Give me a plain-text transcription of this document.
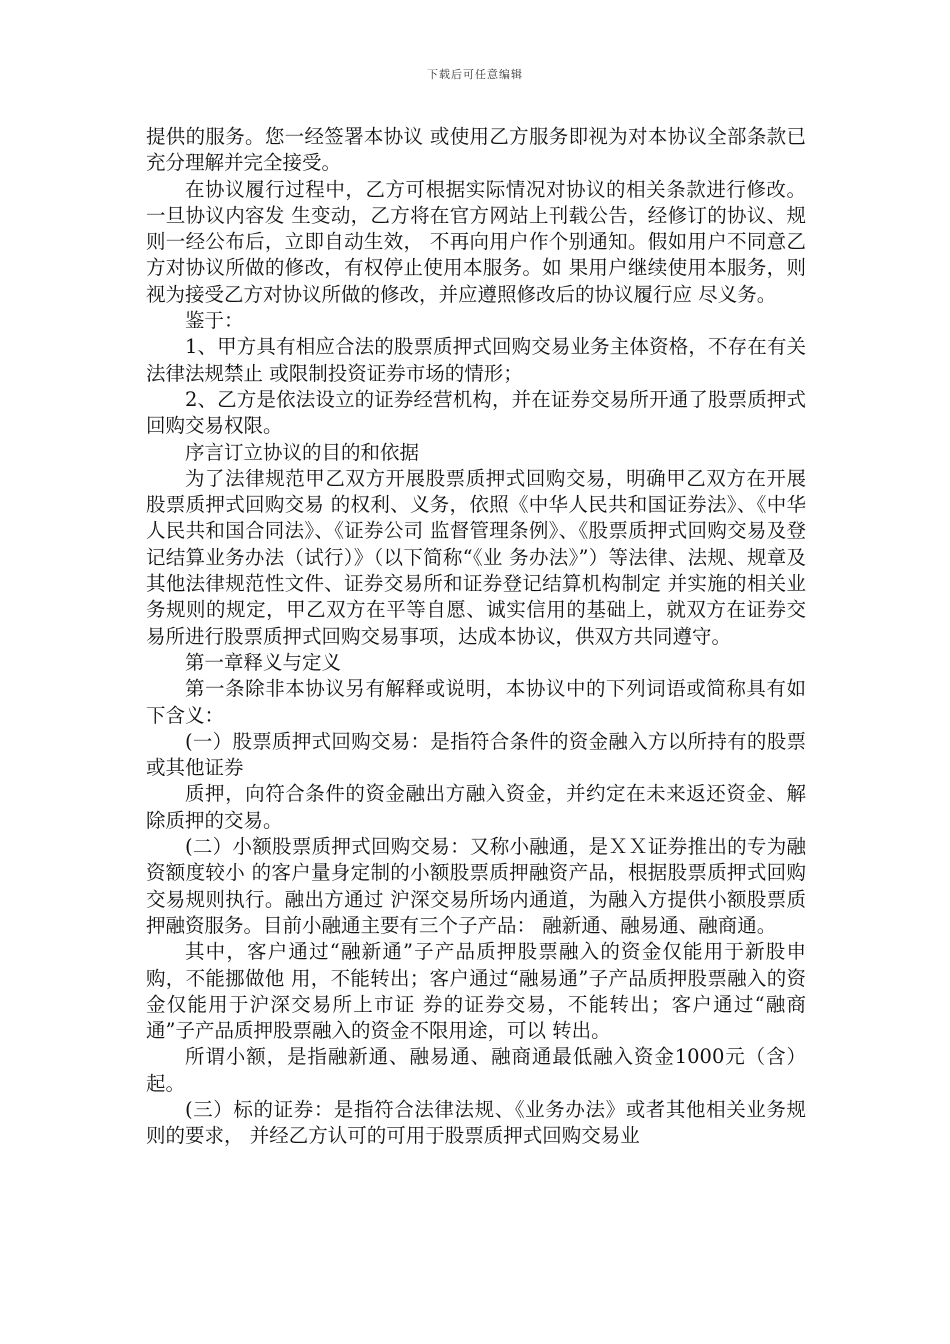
下载后可任意编辑

提供的服务。您一经签署本协议 或使用乙方服务即视为对本协议全部条款已充分理解并完全接受。

在协议履行过程中，乙方可根据实际情况对协议的相关条款进行修改。一旦协议内容发 生变动，乙方将在官方网站上刊载公告，经修订的协议、规则一经公布后，立即自动生效， 不再向用户作个别通知。假如用户不同意乙方对协议所做的修改，有权停止使用本服务。如 果用户继续使用本服务，则视为接受乙方对协议所做的修改，并应遵照修改后的协议履行应 尽义务。

鉴于：

1、甲方具有相应合法的股票质押式回购交易业务主体资格，不存在有关法律法规禁止 或限制投资证券市场的情形；

2、乙方是依法设立的证券经营机构，并在证券交易所开通了股票质押式回购交易权限。

序言订立协议的目的和依据

为了法律规范甲乙双方开展股票质押式回购交易，明确甲乙双方在开展股票质押式回购交易 的权利、义务，依照《中华人民共和国证券法》、《中华人民共和国合同法》、《证券公司 监督管理条例》、《股票质押式回购交易及登记结算业务办法（试行）》（以下简称“《业 务办法》”）等法律、法规、规章及其他法律规范性文件、证券交易所和证券登记结算机构制定 并实施的相关业务规则的规定，甲乙双方在平等自愿、诚实信用的基础上，就双方在证券交 易所进行股票质押式回购交易事项，达成本协议，供双方共同遵守。

第一章释义与定义

第一条除非本协议另有解释或说明，本协议中的下列词语或简称具有如下含义：

(一）股票质押式回购交易：是指符合条件的资金融入方以所持有的股票或其他证券

质押，向符合条件的资金融出方融入资金，并约定在未来返还资金、解除质押的交易。

(二）小额股票质押式回购交易：又称小融通，是ＸＸ证券推出的专为融资额度较小 的客户量身定制的小额股票质押融资产品，根据股票质押式回购交易规则执行。融出方通过 沪深交易所场内通道，为融入方提供小额股票质押融资服务。目前小融通主要有三个子产品： 融新通、融易通、融商通。

其中，客户通过“融新通”子产品质押股票融入的资金仅能用于新股申购，不能挪做他 用，不能转出；客户通过“融易通”子产品质押股票融入的资金仅能用于沪深交易所上市证 券的证券交易，不能转出；客户通过“融商通”子产品质押股票融入的资金不限用途，可以 转出。

所谓小额，是指融新通、融易通、融商通最低融入资金1000元（含）起。

(三）标的证券：是指符合法律法规、《业务办法》或者其他相关业务规则的要求， 并经乙方认可的可用于股票质押式回购交易业
